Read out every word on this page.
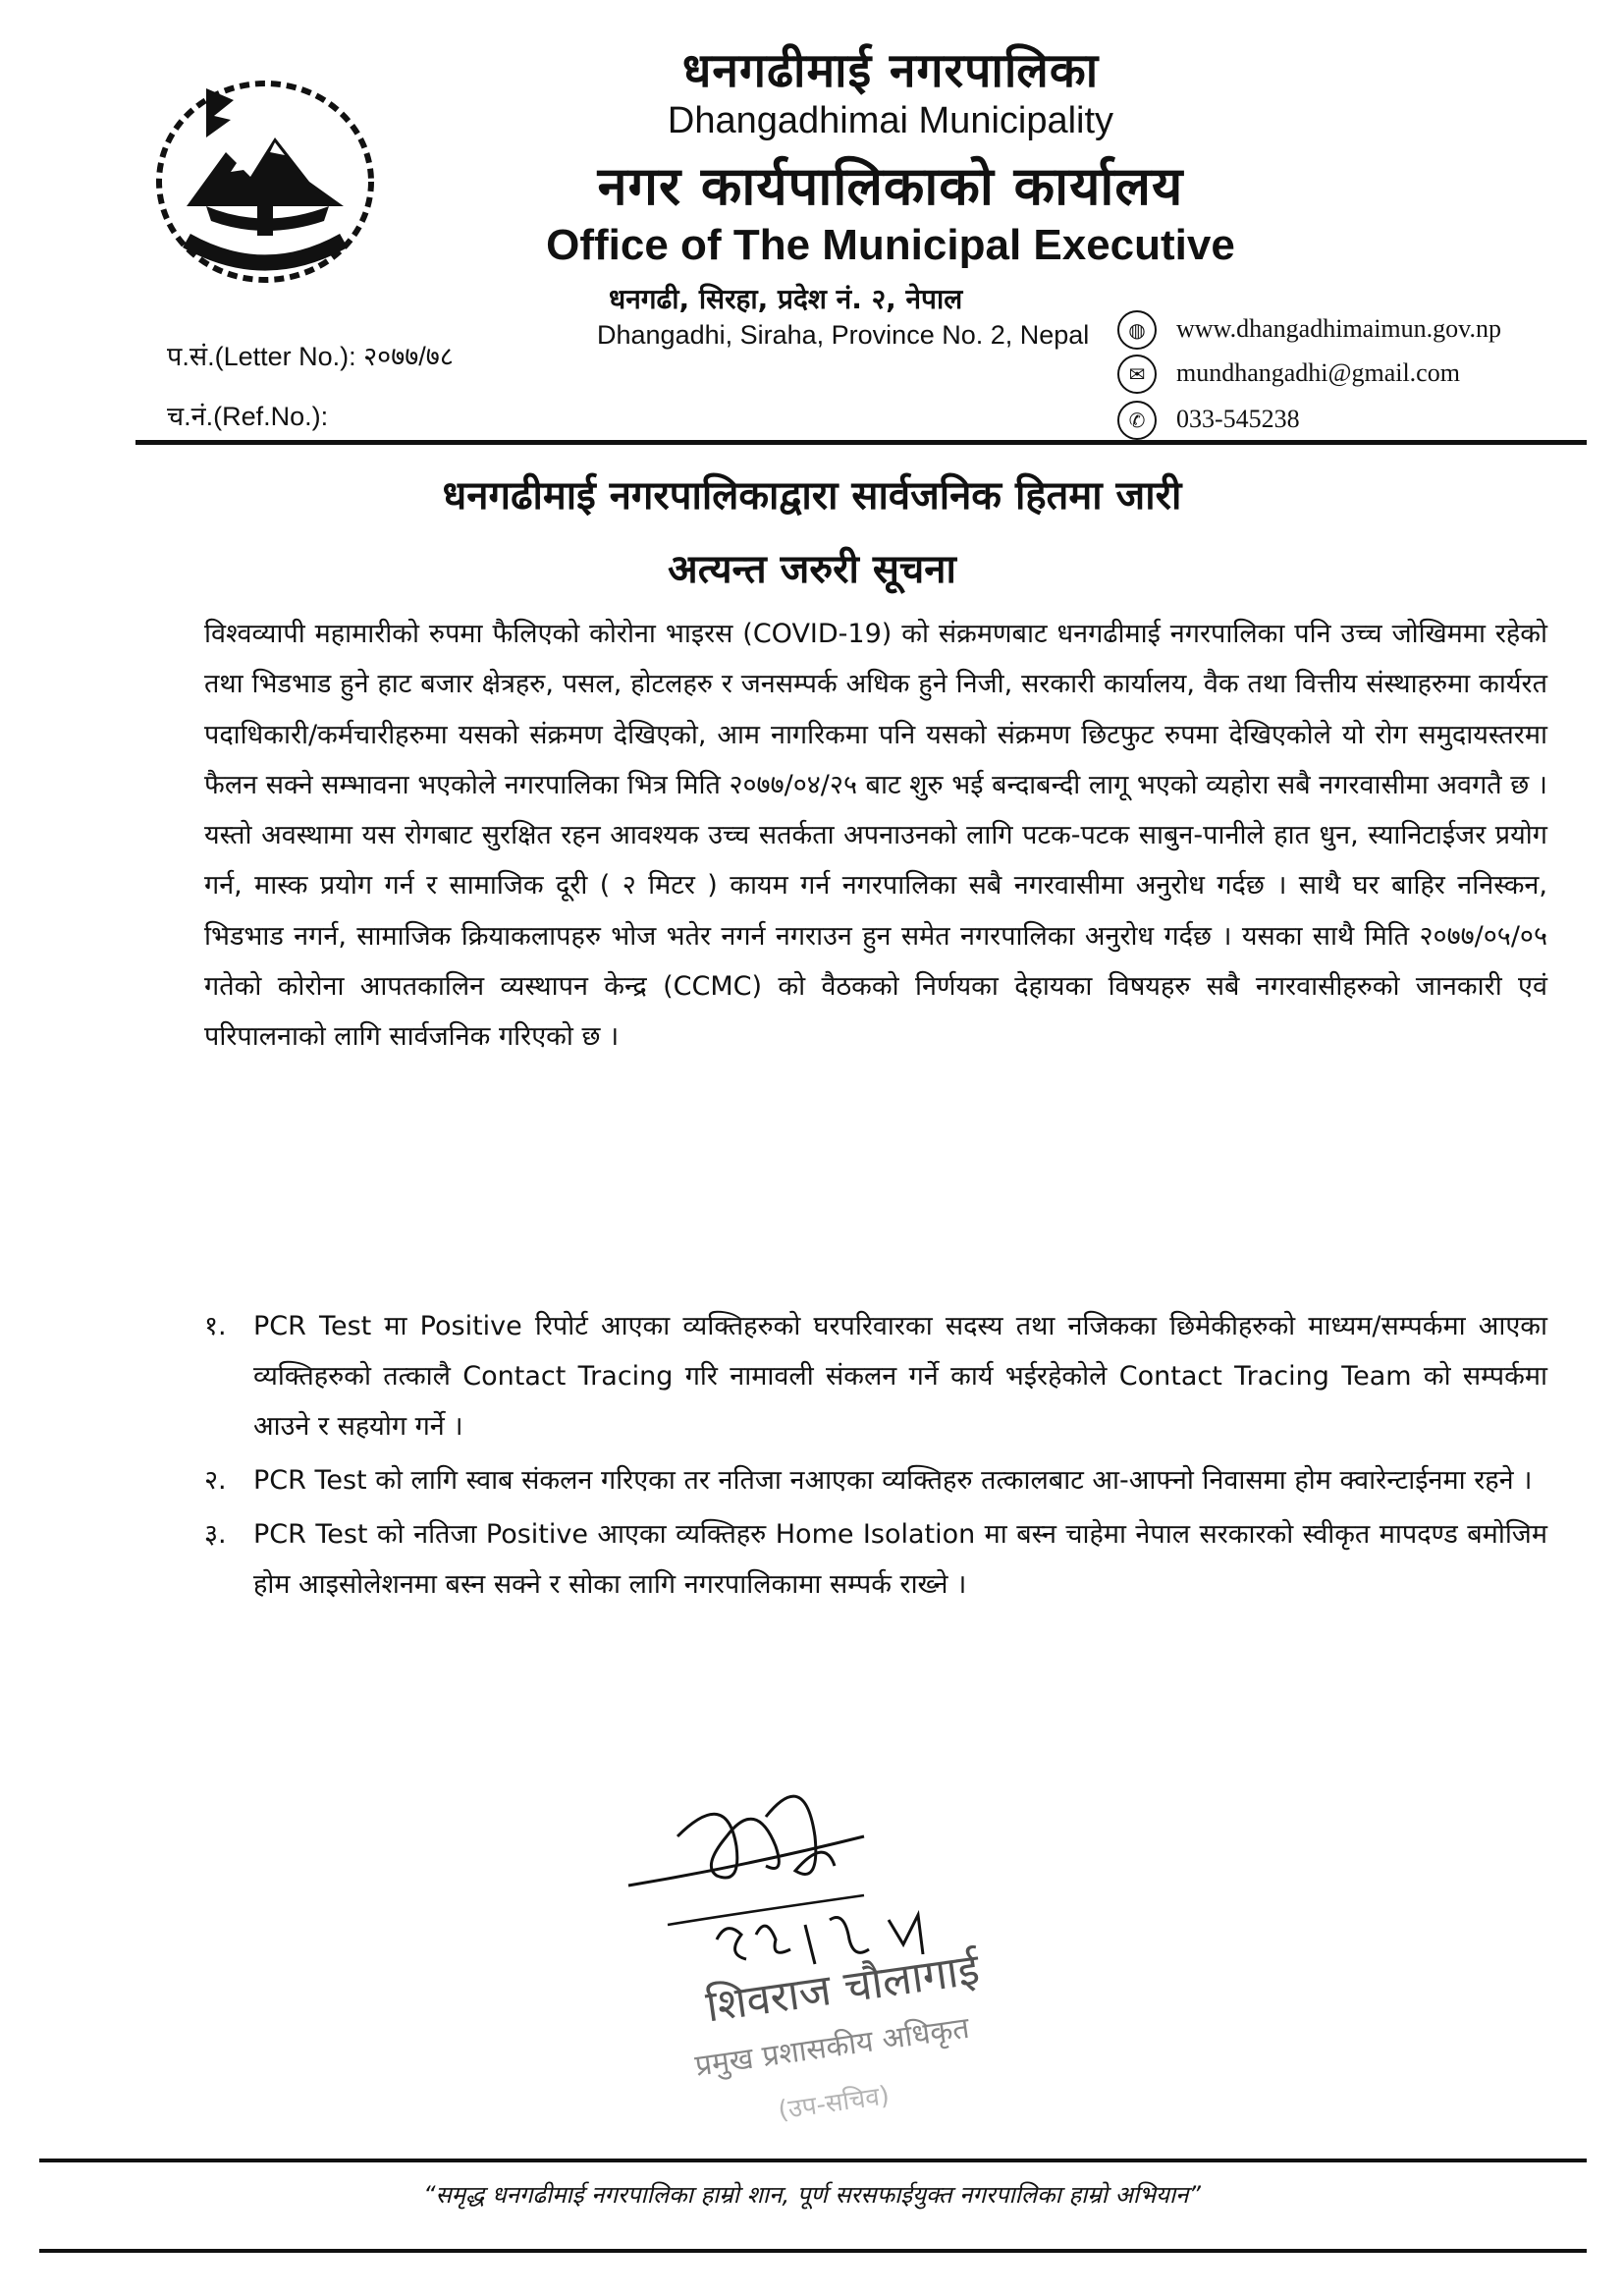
धनगढीमाई नगरपालिका
Dhangadhimai Municipality
नगर कार्यपालिकाको कार्यालय
Office of The Municipal Executive
धनगढी, सिरहा, प्रदेश नं. २, नेपाल
Dhangadhi, Siraha, Province No. 2, Nepal
प.सं.(Letter No.): २०७७/७८
च.नं.(Ref.No.):
◍	www.dhangadhimaimun.gov.np
✉	mundhangadhi@gmail.com
✆	033-545238
धनगढीमाई नगरपालिकाद्वारा सार्वजनिक हितमा जारी
अत्यन्त जरुरी सूचना
विश्वव्यापी महामारीको रुपमा फैलिएको कोरोना भाइरस (COVID-19) को संक्रमणबाट धनगढीमाई नगरपालिका पनि उच्च जोखिममा रहेको तथा भिडभाड हुने हाट बजार क्षेत्रहरु, पसल, होटलहरु र जनसम्पर्क अधिक हुने निजी, सरकारी कार्यालय, वैक तथा वित्तीय संस्थाहरुमा कार्यरत पदाधिकारी/कर्मचारीहरुमा यसको संक्रमण देखिएको, आम नागरिकमा पनि यसको संक्रमण छिटफुट रुपमा देखिएकोले यो रोग समुदायस्तरमा फैलन सक्ने सम्भावना भएकोले नगरपालिका भित्र मिति २०७७/०४/२५ बाट शुरु भई बन्दाबन्दी लागू भएको व्यहोरा सबै नगरवासीमा अवगतै छ । यस्तो अवस्थामा यस रोगबाट सुरक्षित रहन आवश्यक उच्च सतर्कता अपनाउनको लागि पटक-पटक साबुन-पानीले हात धुन, स्यानिटाईजर प्रयोग गर्न, मास्क प्रयोग गर्न र सामाजिक दूरी ( २ मिटर ) कायम गर्न नगरपालिका सबै नगरवासीमा अनुरोध गर्दछ । साथै घर बाहिर ननिस्कन, भिडभाड नगर्न, सामाजिक क्रियाकलापहरु भोज भतेर नगर्न नगराउन हुन समेत नगरपालिका अनुरोध गर्दछ । यसका साथै मिति २०७७/०५/०५ गतेको कोरोना आपतकालिन व्यस्थापन केन्द्र (CCMC) को वैठकको निर्णयका देहायका विषयहरु सबै नगरवासीहरुको जानकारी एवं परिपालनाको लागि सार्वजनिक गरिएको छ ।
१. PCR Test मा Positive रिपोर्ट आएका व्यक्तिहरुको घरपरिवारका सदस्य तथा नजिकका छिमेकीहरुको माध्यम/सम्पर्कमा आएका व्यक्तिहरुको तत्कालै Contact Tracing गरि नामावली संकलन गर्ने कार्य भईरहेकोले Contact Tracing Team को सम्पर्कमा आउने र सहयोग गर्ने ।
२. PCR Test को लागि स्वाब संकलन गरिएका तर नतिजा नआएका व्यक्तिहरु तत्कालबाट आ-आफ्नो निवासमा होम क्वारेन्टाईनमा रहने ।
३. PCR Test को नतिजा Positive आएका व्यक्तिहरु Home Isolation मा बस्न चाहेमा नेपाल सरकारको स्वीकृत मापदण्ड बमोजिम होम आइसोलेशनमा बस्न सक्ने र सोका लागि नगरपालिकामा सम्पर्क राख्ने ।
शिवराज चौलागाई
प्रमुख प्रशासकीय अधिकृत
(उप-सचिव)
“समृद्ध धनगढीमाई नगरपालिका हाम्रो शान, पूर्ण सरसफाईयुक्त नगरपालिका हाम्रो अभियान”
